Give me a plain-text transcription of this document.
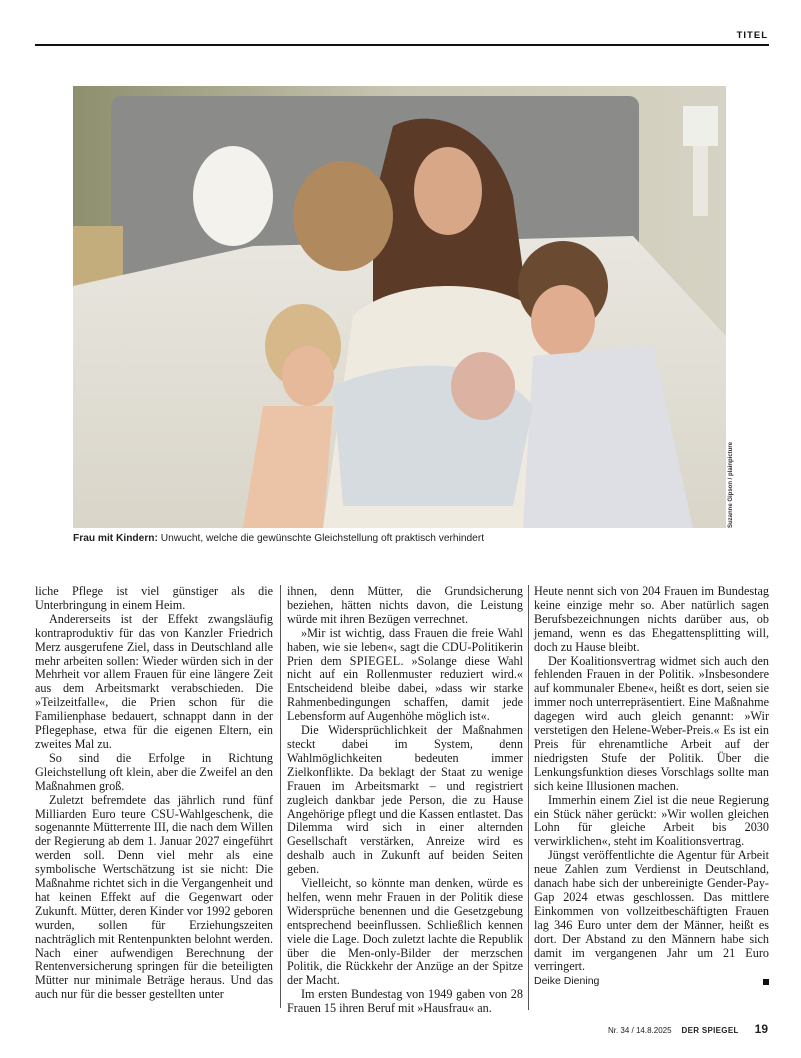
TITEL
Suzanne Gipson / plainpicture
Frau mit Kindern: Unwucht, welche die gewünschte Gleichstellung oft praktisch verhindert

liche Pflege ist viel günstiger als die Unterbringung in einem Heim.

Andererseits ist der Effekt zwangsläufig kontraproduktiv für das von Kanzler Friedrich Merz ausgerufene Ziel, dass in Deutschland alle mehr arbeiten sollen: Wieder würden sich in der Mehrheit vor allem Frauen für eine längere Zeit aus dem Arbeitsmarkt verabschieden. Die »Teilzeitfalle«, die Prien schon für die Familienphase bedauert, schnappt dann in der Pflegephase, etwa für die eigenen Eltern, ein zweites Mal zu.

So sind die Erfolge in Richtung Gleichstellung oft klein, aber die Zweifel an den Maßnahmen groß.

Zuletzt befremdete das jährlich rund fünf Milliarden Euro teure CSU-Wahlgeschenk, die sogenannte Mütterrente III, die nach dem Willen der Regierung ab dem 1. Januar 2027 eingeführt werden soll. Denn viel mehr als eine symbolische Wertschätzung ist sie nicht: Die Maßnahme richtet sich in die Vergangenheit und hat keinen Effekt auf die Gegenwart oder Zukunft. Mütter, deren Kinder vor 1992 geboren wurden, sollen für Erziehungszeiten nachträglich mit Rentenpunkten belohnt werden. Nach einer aufwendigen Berechnung der Rentenversicherung springen für die beteiligten Mütter nur minimale Beträge heraus. Und das auch nur für die besser gestellten unter

ihnen, denn Mütter, die Grundsicherung beziehen, hätten nichts davon, die Leistung würde mit ihren Bezügen verrechnet.

»Mir ist wichtig, dass Frauen die freie Wahl haben, wie sie leben«, sagt die CDU-Politikerin Prien dem SPIEGEL. »Solange diese Wahl nicht auf ein Rollenmuster reduziert wird.« Entscheidend bleibe dabei, »dass wir starke Rahmenbedingungen schaffen, damit jede Lebensform auf Augenhöhe möglich ist«.

Die Widersprüchlichkeit der Maßnahmen steckt dabei im System, denn Wahlmöglichkeiten bedeuten immer Zielkonflikte. Da beklagt der Staat zu wenige Frauen im Arbeitsmarkt – und registriert zugleich dankbar jede Person, die zu Hause Angehörige pflegt und die Kassen entlastet. Das Dilemma wird sich in einer alternden Gesellschaft verstärken, Anreize wird es deshalb auch in Zukunft auf beiden Seiten geben.

Vielleicht, so könnte man denken, würde es helfen, wenn mehr Frauen in der Politik diese Widersprüche benennen und die Gesetzgebung entsprechend beeinflussen. Schließlich kennen viele die Lage. Doch zuletzt lachte die Republik über die Men-only-Bilder der merzschen Politik, die Rückkehr der Anzüge an der Spitze der Macht.

Im ersten Bundestag von 1949 gaben von 28 Frauen 15 ihren Beruf mit »Hausfrau« an.

Heute nennt sich von 204 Frauen im Bundestag keine einzige mehr so. Aber natürlich sagen Berufsbezeichnungen nichts darüber aus, ob jemand, wenn es das Ehegattensplitting will, doch zu Hause bleibt.

Der Koalitionsvertrag widmet sich auch den fehlenden Frauen in der Politik. »Insbesondere auf kommunaler Ebene«, heißt es dort, seien sie immer noch unterrepräsentiert. Eine Maßnahme dagegen wird auch gleich genannt: »Wir verstetigen den Helene-Weber-Preis.« Es ist ein Preis für ehrenamtliche Arbeit auf der niedrigsten Stufe der Politik. Über die Lenkungsfunktion dieses Vorschlags sollte man sich keine Illusionen machen.

Immerhin einem Ziel ist die neue Regierung ein Stück näher gerückt: »Wir wollen gleichen Lohn für gleiche Arbeit bis 2030 verwirklichen«, steht im Koalitionsvertrag.

Jüngst veröffentlichte die Agentur für Arbeit neue Zahlen zum Verdienst in Deutschland, danach habe sich der unbereinigte Gender-Pay-Gap 2024 etwas geschlossen. Das mittlere Einkommen von vollzeitbeschäftigten Frauen lag 346 Euro unter dem der Männer, heißt es dort. Der Abstand zu den Männern habe sich damit im vergangenen Jahr um 21 Euro verringert.

Deike Diening
Nr. 34 / 14.8.2025 DER SPIEGEL 19
